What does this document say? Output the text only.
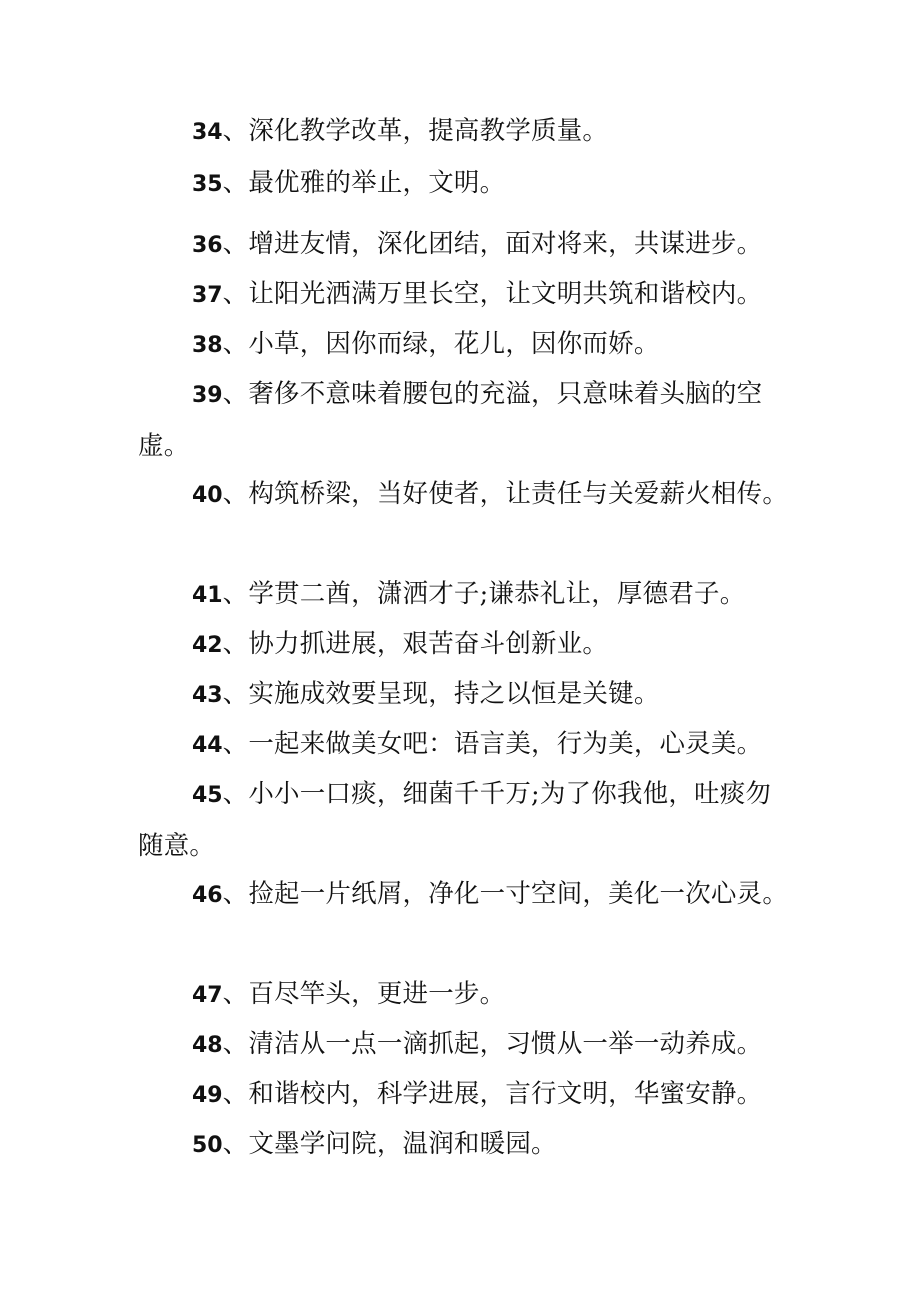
34、深化教学改革，提高教学质量。
35、最优雅的举止，文明。
36、增进友情，深化团结，面对将来，共谋进步。
37、让阳光洒满万里长空，让文明共筑和谐校内。
38、小草，因你而绿，花儿，因你而娇。
39、奢侈不意味着腰包的充溢，只意味着头脑的空虚。
40、构筑桥梁，当好使者，让责任与关爱薪火相传。
41、学贯二酋，潇洒才子;谦恭礼让，厚德君子。
42、协力抓进展，艰苦奋斗创新业。
43、实施成效要呈现，持之以恒是关键。
44、一起来做美女吧：语言美，行为美，心灵美。
45、小小一口痰，细菌千千万;为了你我他，吐痰勿随意。
46、捡起一片纸屑，净化一寸空间，美化一次心灵。
47、百尽竿头，更进一步。
48、清洁从一点一滴抓起，习惯从一举一动养成。
49、和谐校内，科学进展，言行文明，华蜜安静。
50、文墨学问院，温润和暖园。
